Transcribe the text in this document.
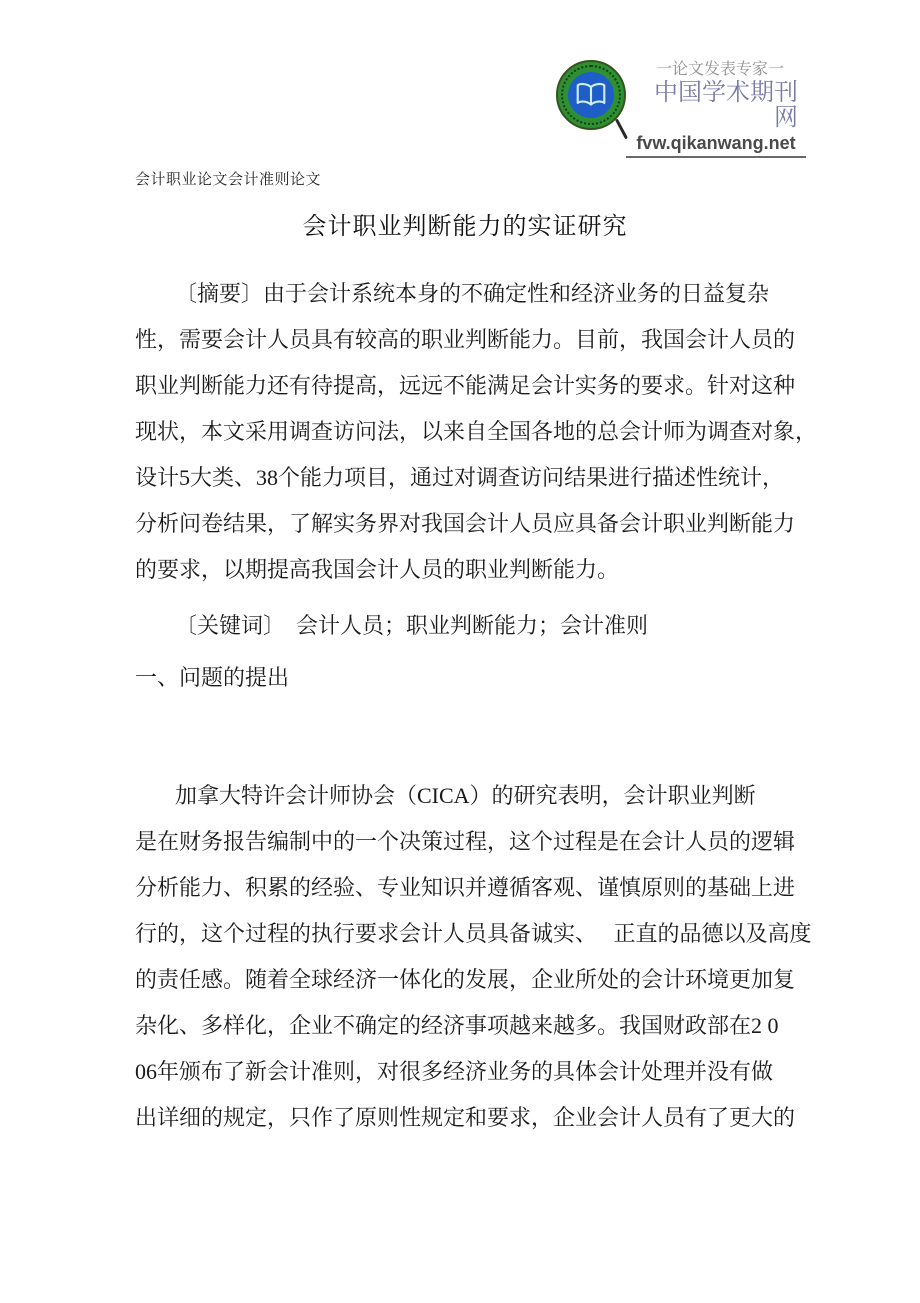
一论文发表专家一
中国学术期刊网
fvw.qikanwang.net
会计职业论文会计准则论文
会计职业判断能力的实证研究

〔摘要〕由于会计系统本身的不确定性和经济业务的日益复杂
性，需要会计人员具有较高的职业判断能力。目前，我国会计人员的
职业判断能力还有待提高，远远不能满足会计实务的要求。针对这种
现状，本文采用调查访问法，以来自全国各地的总会计师为调查对象，
设计5大类、38个能力项目，通过对调查访问结果进行描述性统计，
分析问卷结果，了解实务界对我国会计人员应具备会计职业判断能力
的要求，以期提高我国会计人员的职业判断能力。

〔关键词〕　会计人员；职业判断能力；会计准则

一、问题的提出

加拿大特许会计师协会（CICA）的研究表明，会计职业判断
是在财务报告编制中的一个决策过程，这个过程是在会计人员的逻辑
分析能力、积累的经验、专业知识并遵循客观、谨慎原则的基础上进
行的，这个过程的执行要求会计人员具备诚实、　 正直的品德以及高度
的责任感。随着全球经济一体化的发展，企业所处的会计环境更加复
杂化、多样化，企业不确定的经济事项越来越多。我国财政部在2 0
06年颁布了新会计准则，对很多经济业务的具体会计处理并没有做
出详细的规定，只作了原则性规定和要求，企业会计人员有了更大的
